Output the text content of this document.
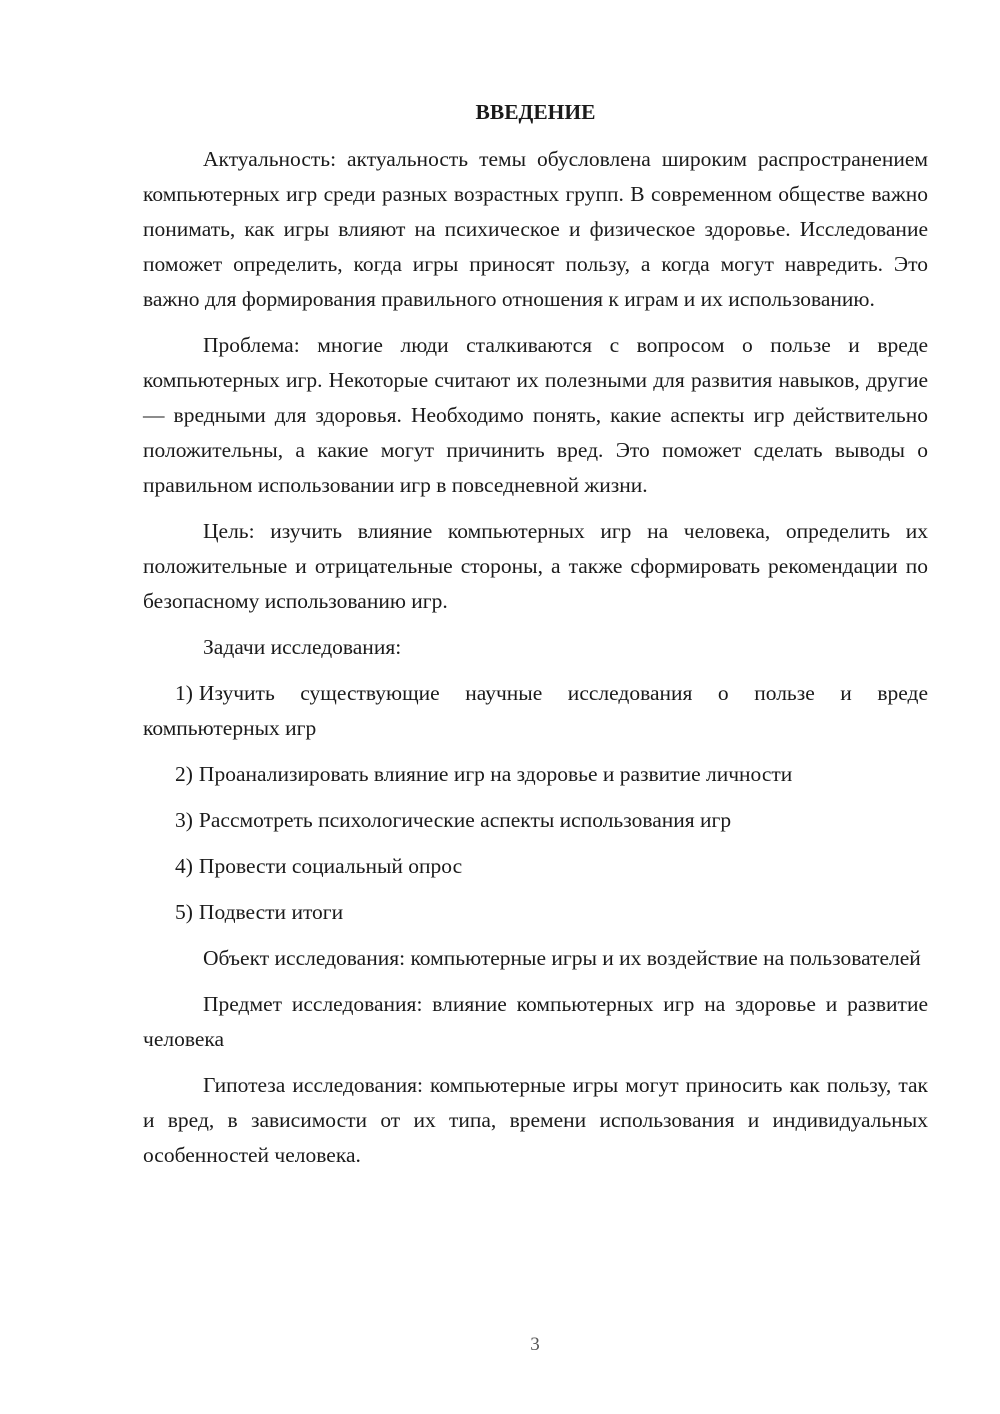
ВВЕДЕНИЕ

Актуальность: актуальность темы обусловлена широким распространением компьютерных игр среди разных возрастных групп. В современном обществе важно понимать, как игры влияют на психическое и физическое здоровье. Исследование поможет определить, когда игры приносят пользу, а когда могут навредить. Это важно для формирования правильного отношения к играм и их использованию.

Проблема: многие люди сталкиваются с вопросом о пользе и вреде компьютерных игр. Некоторые считают их полезными для развития навыков, другие — вредными для здоровья. Необходимо понять, какие аспекты игр действительно положительны, а какие могут причинить вред. Это поможет сделать выводы о правильном использовании игр в повседневной жизни.

Цель: изучить влияние компьютерных игр на человека, определить их положительные и отрицательные стороны, а также сформировать рекомендации по безопасному использованию игр.

Задачи исследования:

1) Изучить существующие научные исследования о пользе и вреде компьютерных игр

2) Проанализировать влияние игр на здоровье и развитие личности

3) Рассмотреть психологические аспекты использования игр

4) Провести социальный опрос

5) Подвести итоги

Объект исследования: компьютерные игры и их воздействие на пользователей

Предмет исследования: влияние компьютерных игр на здоровье и развитие человека

Гипотеза исследования: компьютерные игры могут приносить как пользу, так и вред, в зависимости от их типа, времени использования и индивидуальных особенностей человека.

3
